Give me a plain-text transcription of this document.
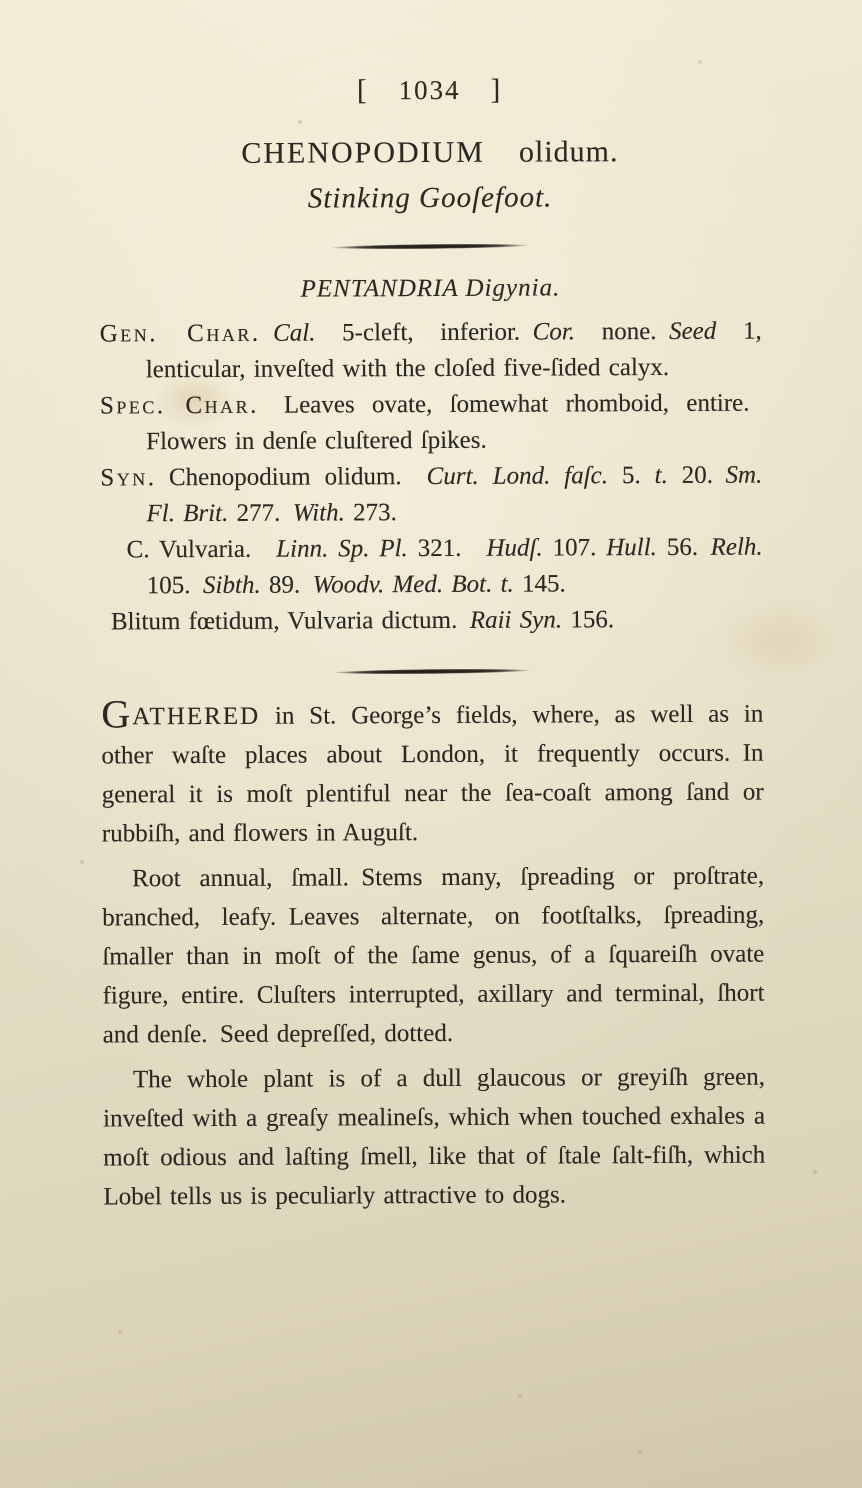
[ 1034 ]
CHENOPODIUM olidum.
Stinking Gooſefoot.
PENTANDRIA Digynia.
Gen. Char.  Cal. 5-cleft, inferior. Cor. none. Seed 1, lenticular, inveſted with the cloſed five-ſided calyx.
Spec. Char. Leaves ovate, ſomewhat rhomboid, entire. Flowers in denſe cluſtered ſpikes.
Syn. Chenopodium olidum. Curt. Lond. faſc. 5. t. 20. Sm. Fl. Brit. 277. With. 273.
C. Vulvaria. Linn. Sp. Pl. 321. Hudſ. 107. Hull. 56. Relh. 105. Sibth. 89. Woodv. Med. Bot. t. 145.
Blitum fœtidum, Vulvaria dictum. Raii Syn. 156.

GATHERED in St. George’s fields, where, as well as in other waſte places about London, it frequently occurs. In general it is moſt plentiful near the ſea-coaſt among ſand or rubbiſh, and flowers in Auguſt.

Root annual, ſmall. Stems many, ſpreading or proſtrate, branched, leafy. Leaves alternate, on footſtalks, ſpreading, ſmaller than in moſt of the ſame genus, of a ſquareiſh ovate figure, entire. Cluſters interrupted, axillary and terminal, ſhort and denſe. Seed depreſſed, dotted.

The whole plant is of a dull glaucous or greyiſh green, inveſted with a greaſy mealineſs, which when touched exhales a moſt odious and laſting ſmell, like that of ſtale ſalt-fiſh, which Lobel tells us is peculiarly attractive to dogs.
